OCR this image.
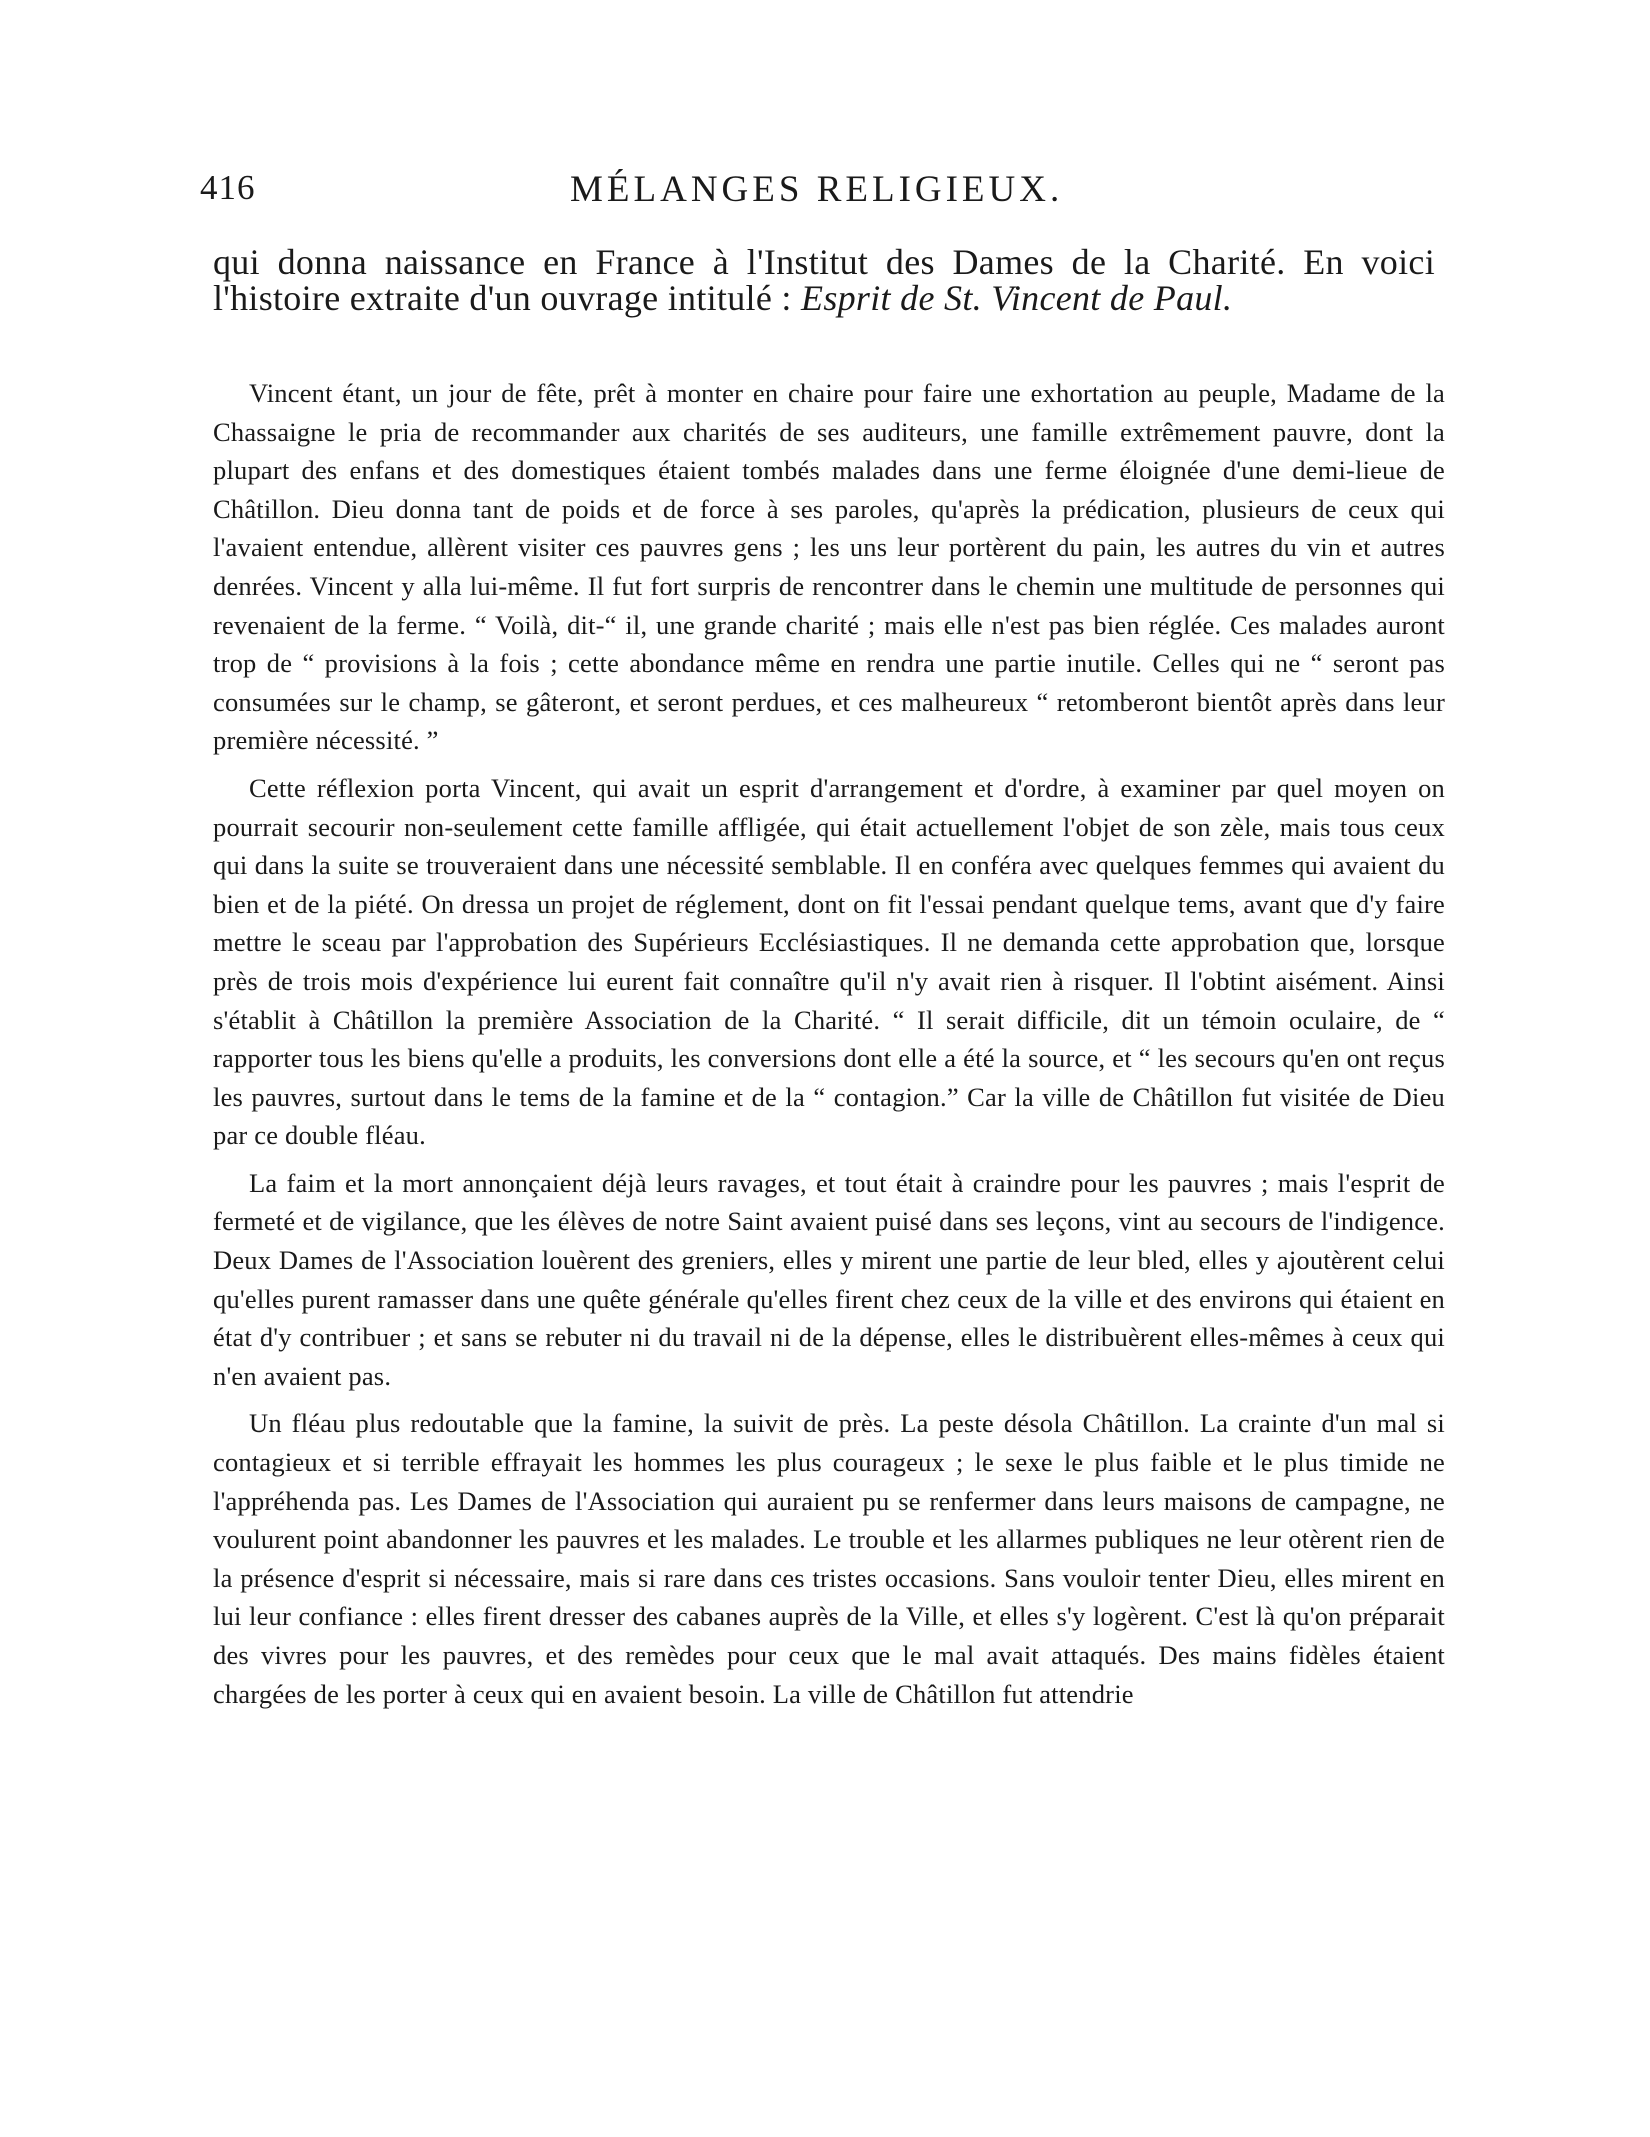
416	MÉLANGES RELIGIEUX.
qui donna naissance en France à l'Institut des Dames de la Charité. En voici l'histoire extraite d'un ouvrage intitulé : Esprit de St. Vincent de Paul.

Vincent étant, un jour de fête, prêt à monter en chaire pour faire une exhortation au peuple, Madame de la Chassaigne le pria de recommander aux charités de ses auditeurs, une famille extrêmement pauvre, dont la plupart des enfans et des domestiques étaient tombés malades dans une ferme éloignée d'une demi-lieue de Châtillon. Dieu donna tant de poids et de force à ses paroles, qu'après la prédication, plusieurs de ceux qui l'avaient entendue, allèrent visiter ces pauvres gens ; les uns leur portèrent du pain, les autres du vin et autres denrées. Vincent y alla lui-même. Il fut fort surpris de rencontrer dans le chemin une multitude de personnes qui revenaient de la ferme. “ Voilà, dit-“ il, une grande charité ; mais elle n'est pas bien réglée. Ces malades auront trop de “ provisions à la fois ; cette abondance même en rendra une partie inutile. Celles qui ne “ seront pas consumées sur le champ, se gâteront, et seront perdues, et ces malheureux “ retomberont bientôt après dans leur première nécessité. ”

Cette réflexion porta Vincent, qui avait un esprit d'arrangement et d'ordre, à examiner par quel moyen on pourrait secourir non-seulement cette famille affligée, qui était actuellement l'objet de son zèle, mais tous ceux qui dans la suite se trouveraient dans une nécessité semblable. Il en conféra avec quelques femmes qui avaient du bien et de la piété. On dressa un projet de réglement, dont on fit l'essai pendant quelque tems, avant que d'y faire mettre le sceau par l'approbation des Supérieurs Ecclésiastiques. Il ne demanda cette approbation que, lorsque près de trois mois d'expérience lui eurent fait connaître qu'il n'y avait rien à risquer. Il l'obtint aisément. Ainsi s'établit à Châtillon la première Association de la Charité. “ Il serait difficile, dit un témoin oculaire, de “ rapporter tous les biens qu'elle a produits, les conversions dont elle a été la source, et “ les secours qu'en ont reçus les pauvres, surtout dans le tems de la famine et de la “ contagion.” Car la ville de Châtillon fut visitée de Dieu par ce double fléau.

La faim et la mort annonçaient déjà leurs ravages, et tout était à craindre pour les pauvres ; mais l'esprit de fermeté et de vigilance, que les élèves de notre Saint avaient puisé dans ses leçons, vint au secours de l'indigence. Deux Dames de l'Association louèrent des greniers, elles y mirent une partie de leur bled, elles y ajoutèrent celui qu'elles purent ramasser dans une quête générale qu'elles firent chez ceux de la ville et des environs qui étaient en état d'y contribuer ; et sans se rebuter ni du travail ni de la dépense, elles le distribuèrent elles-mêmes à ceux qui n'en avaient pas.

Un fléau plus redoutable que la famine, la suivit de près. La peste désola Châtillon. La crainte d'un mal si contagieux et si terrible effrayait les hommes les plus courageux ; le sexe le plus faible et le plus timide ne l'appréhenda pas. Les Dames de l'Association qui auraient pu se renfermer dans leurs maisons de campagne, ne voulurent point abandonner les pauvres et les malades. Le trouble et les allarmes publiques ne leur otèrent rien de la présence d'esprit si nécessaire, mais si rare dans ces tristes occasions. Sans vouloir tenter Dieu, elles mirent en lui leur confiance : elles firent dresser des cabanes auprès de la Ville, et elles s'y logèrent. C'est là qu'on préparait des vivres pour les pauvres, et des remèdes pour ceux que le mal avait attaqués. Des mains fidèles étaient chargées de les porter à ceux qui en avaient besoin. La ville de Châtillon fut attendrie
